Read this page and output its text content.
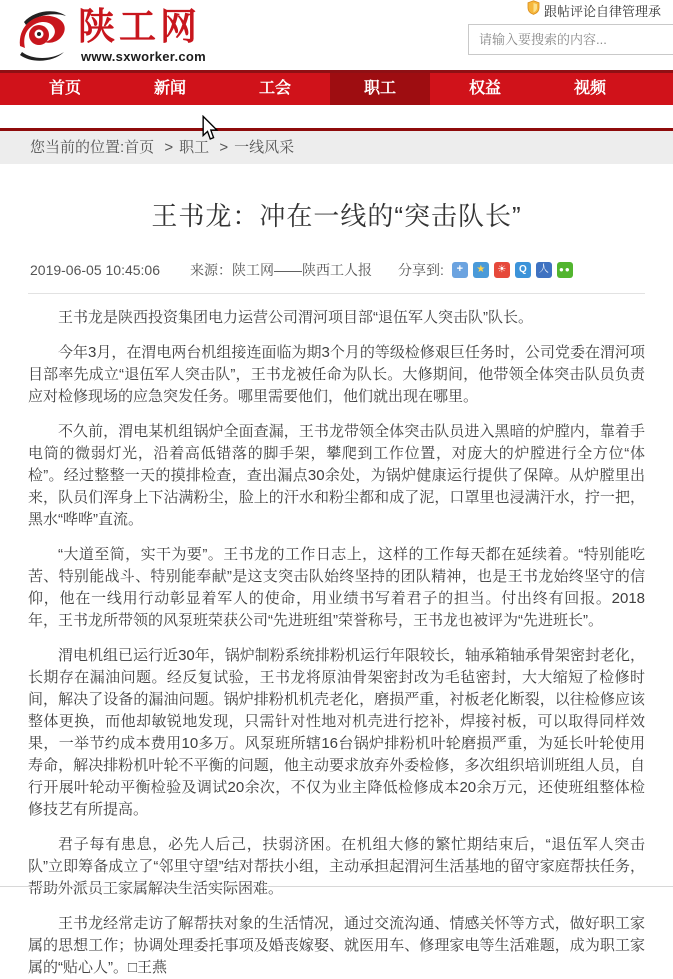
陕工网
www.sxworker.com
跟帖评论自律管理承
请输入要搜索的内容...
首页	新闻	工会	职工	权益	视频
您当前的位置:首页 > 职工 > 一线风采
王书龙：冲在一线的“突击队长”
2019-06-05 10:45:06 来源：陕工网——陕西工人报 分享到:	+	★	☀	Q	人	●●

王书龙是陕西投资集团电力运营公司渭河项目部“退伍军人突击队”队长。

今年3月，在渭电两台机组接连面临为期3个月的等级检修艰巨任务时，公司党委在渭河项目部率先成立“退伍军人突击队”，王书龙被任命为队长。大修期间，他带领全体突击队员负责应对检修现场的应急突发任务。哪里需要他们，他们就出现在哪里。

不久前，渭电某机组锅炉全面查漏，王书龙带领全体突击队员进入黑暗的炉膛内，靠着手电筒的微弱灯光，沿着高低错落的脚手架，攀爬到工作位置，对庞大的炉膛进行全方位“体检”。经过整整一天的摸排检查，查出漏点30余处，为锅炉健康运行提供了保障。从炉膛里出来，队员们浑身上下沾满粉尘，脸上的汗水和粉尘都和成了泥，口罩里也浸满汗水，拧一把，黑水“哗哗”直流。

“大道至简，实干为要”。王书龙的工作日志上，这样的工作每天都在延续着。“特别能吃苦、特别能战斗、特别能奉献”是这支突击队始终坚持的团队精神，也是王书龙始终坚守的信仰，他在一线用行动彰显着军人的使命，用业绩书写着君子的担当。付出终有回报。2018年，王书龙所带领的风泵班荣获公司“先进班组”荣誉称号，王书龙也被评为“先进班长”。

渭电机组已运行近30年，锅炉制粉系统排粉机运行年限较长，轴承箱轴承骨架密封老化，长期存在漏油问题。经反复试验，王书龙将原油骨架密封改为毛毡密封，大大缩短了检修时间，解决了设备的漏油问题。锅炉排粉机机壳老化，磨损严重，衬板老化断裂，以往检修应该整体更换，而他却敏锐地发现，只需针对性地对机壳进行挖补，焊接衬板，可以取得同样效果，一举节约成本费用10多万。风泵班所辖16台锅炉排粉机叶轮磨损严重，为延长叶轮使用寿命，解决排粉机叶轮不平衡的问题，他主动要求放弃外委检修，多次组织培训班组人员，自行开展叶轮动平衡检验及调试20余次，不仅为业主降低检修成本20余万元，还使班组整体检修技艺有所提高。

君子每有患息，必先人后己，扶弱济困。在机组大修的繁忙期结束后，“退伍军人突击队”立即筹备成立了“邻里守望”结对帮扶小组，主动承担起渭河生活基地的留守家庭帮扶任务，帮助外派员工家属解决生活实际困难。

王书龙经常走访了解帮扶对象的生活情况，通过交流沟通、情感关怀等方式，做好职工家属的思想工作；协调处理委托事项及婚丧嫁娶、就医用车、修理家电等生活难题，成为职工家属的“贴心人”。□王燕
